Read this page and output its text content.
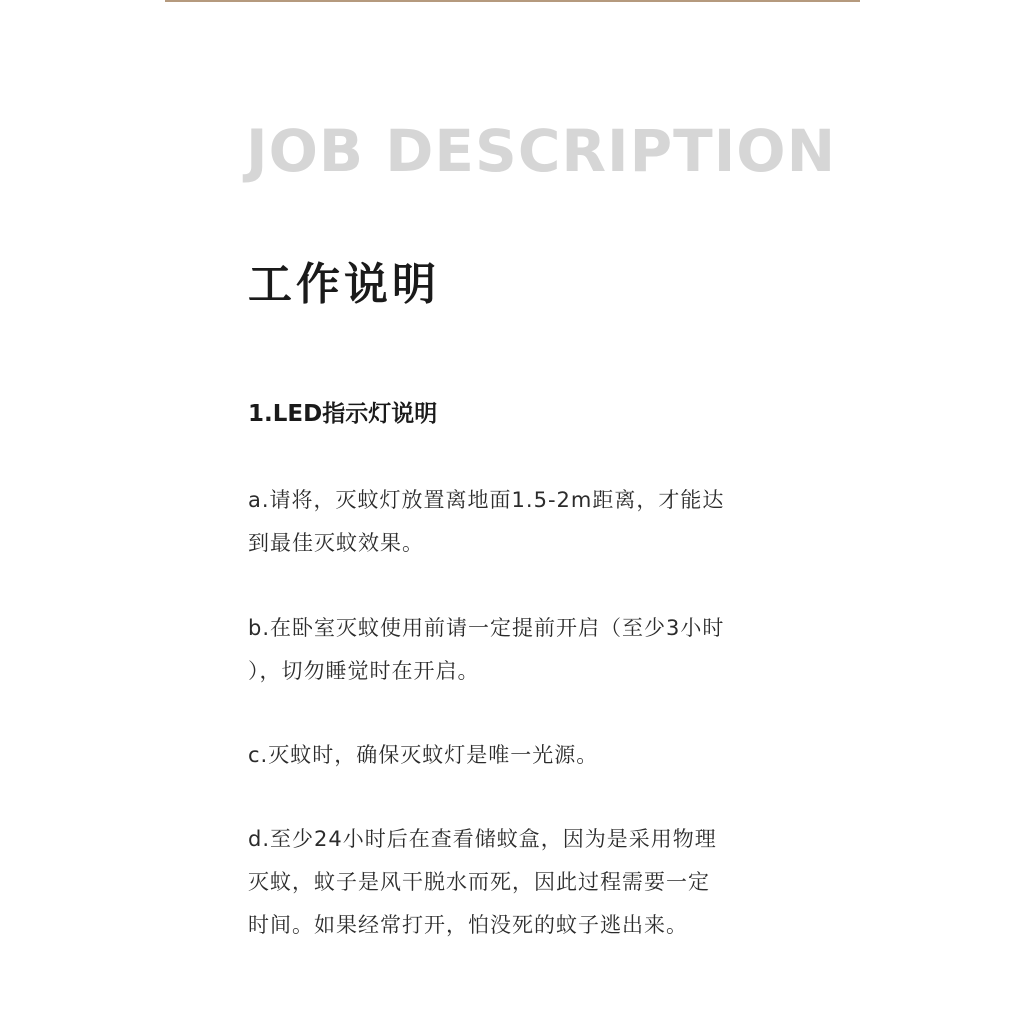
JOB DESCRIPTION
工作说明
1.LED指示灯说明

a.请将，灭蚊灯放置离地面1.5-2m距离，才能达
到最佳灭蚊效果。

b.在卧室灭蚊使用前请一定提前开启（至少3小时
），切勿睡觉时在开启。

c.灭蚊时，确保灭蚊灯是唯一光源。

d.至少24小时后在查看储蚊盒，因为是采用物理
灭蚊，蚊子是风干脱水而死，因此过程需要一定
时间。如果经常打开，怕没死的蚊子逃出来。
